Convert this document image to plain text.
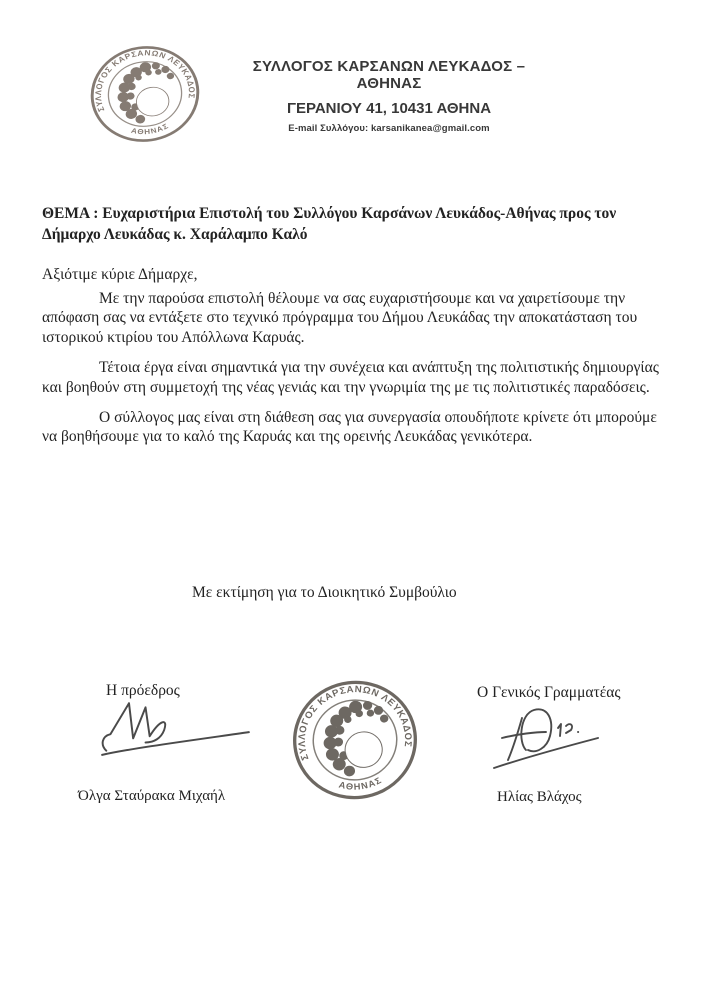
ΣΥΛΛΟΓΟΣ ΚΑΡΣΑΝΩΝ ΛΕΥΚΑΔΟΣ
ΑΘΗΝΑΣ
ΣΥΛΛΟΓΟΣ ΚΑΡΣΑΝΩΝ ΛΕΥΚΑΔΟΣ – ΑΘΗΝΑΣ
ΓΕΡΑΝΙΟΥ 41, 10431 ΑΘΗΝΑ
E-mail Συλλόγου: karsanikanea@gmail.com
ΘΕΜΑ : Ευχαριστήρια Επιστολή του Συλλόγου Καρσάνων Λευκάδος-Αθήνας προς τον Δήμαρχο Λευκάδας κ. Χαράλαμπο Καλό
Αξιότιμε κύριε Δήμαρχε,

Με την παρούσα επιστολή θέλουμε να σας ευχαριστήσουμε και να χαιρετίσουμε την απόφαση σας να εντάξετε στο τεχνικό πρόγραμμα του Δήμου Λευκάδας την αποκατάσταση του ιστορικού κτιρίου του Απόλλωνα Καρυάς.

Τέτοια έργα είναι σημαντικά για την συνέχεια και ανάπτυξη της πολιτιστικής δημιουργίας και βοηθούν στη συμμετοχή της νέας γενιάς και την γνωριμία της με τις πολιτιστικές παραδόσεις.

Ο σύλλογος μας είναι στη διάθεση σας για συνεργασία οπουδήποτε κρίνετε ότι μπορούμε να βοηθήσουμε για το καλό της Καρυάς και της ορεινής Λευκάδας γενικότερα.

Με εκτίμηση για το Διοικητικό Συμβούλιο
Η πρόεδρος
Όλγα Σταύρακα Μιχαήλ
ΣΥΛΛΟΓΟΣ ΚΑΡΣΑΝΩΝ ΛΕΥΚΑΔΟΣ
ΑΘΗΝΑΣ
Ο Γενικός Γραμματέας
Ηλίας Βλάχος
